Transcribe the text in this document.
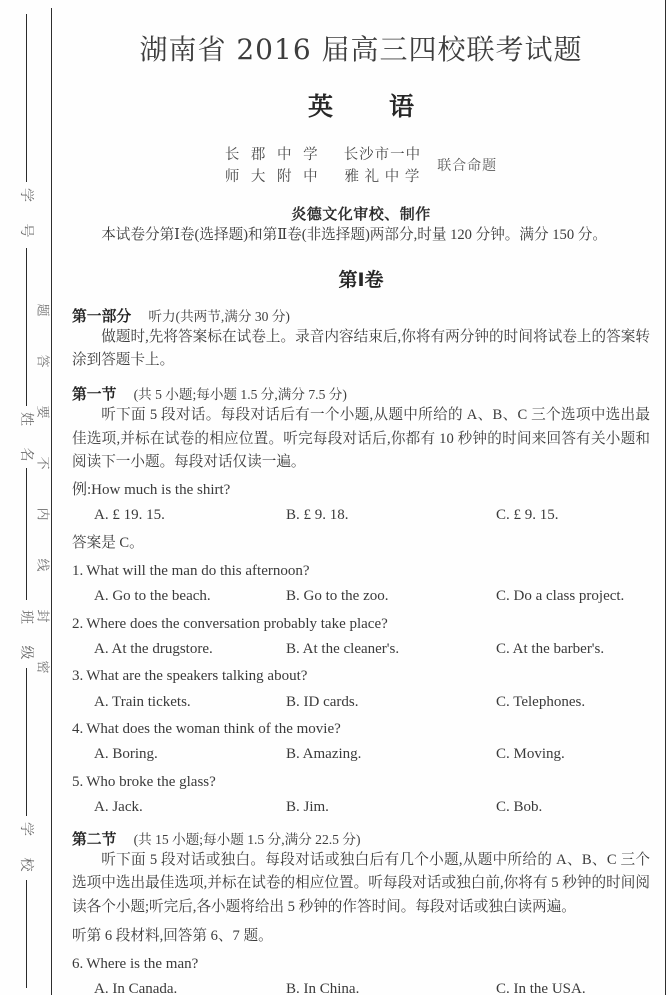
学 号
姓 名
班 级
学 校
题
答
要
不
内
线
封
密
湖南省 2016 届高三四校联考试题
英 语
长 郡 中 学
师 大 附 中
长沙市一中
雅 礼 中 学
联合命题
炎德文化审校、制作

本试卷分第Ⅰ卷(选择题)和第Ⅱ卷(非选择题)两部分,时量 120 分钟。满分 150 分。

第Ⅰ卷
第一部分 听力(共两节,满分 30 分)

做题时,先将答案标在试卷上。录音内容结束后,你将有两分钟的时间将试卷上的答案转涂到答题卡上。

第一节 (共 5 小题;每小题 1.5 分,满分 7.5 分)

听下面 5 段对话。每段对话后有一个小题,从题中所给的 A、B、C 三个选项中选出最佳选项,并标在试卷的相应位置。听完每段对话后,你都有 10 秒钟的时间来回答有关小题和阅读下一小题。每段对话仅读一遍。

例:How much is the shirt?
A. £ 19. 15.	B. £ 9. 18.	C. £ 9. 15.
答案是 C。
1. What will the man do this afternoon?
A. Go to the beach.	B. Go to the zoo.	C. Do a class project.
2. Where does the conversation probably take place?
A. At the drugstore.	B. At the cleaner's.	C. At the barber's.
3. What are the speakers talking about?
A. Train tickets.	B. ID cards.	C. Telephones.
4. What does the woman think of the movie?
A. Boring.	B. Amazing.	C. Moving.
5. Who broke the glass?
A. Jack.	B. Jim.	C. Bob.
第二节 (共 15 小题;每小题 1.5 分,满分 22.5 分)

听下面 5 段对话或独白。每段对话或独白后有几个小题,从题中所给的 A、B、C 三个选项中选出最佳选项,并标在试卷的相应位置。听每段对话或独白前,你将有 5 秒钟的时间阅读各个小题;听完后,各小题将给出 5 秒钟的作答时间。每段对话或独白读两遍。

听第 6 段材料,回答第 6、7 题。
6. Where is the man?
A. In Canada.	B. In China.	C. In the USA.
